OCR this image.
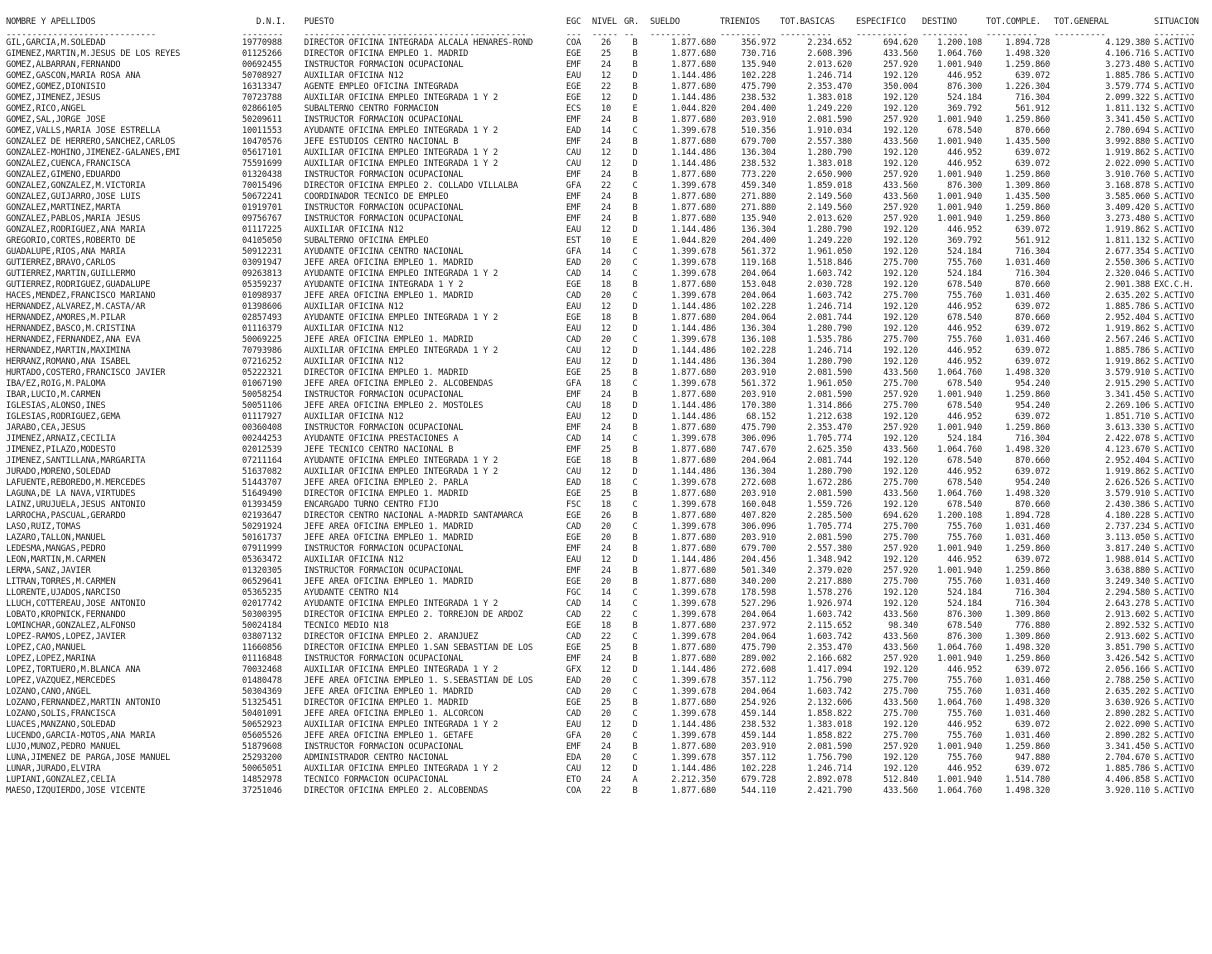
NOMBRE Y APELLIDOS	D.N.I.	PUESTO	EGC	NIVEL	GR.	SUELDO	TRIENIOS	TOT.BASICAS	ESPECIFICO	DESTINO	TOT.COMPLE.	TOT.GENERAL	SITUACION
-----------------------------	--------	-------------------------------------------	---	-----	--	--------	--------	----------	----------	---------	----------	----------	--------
GIL,GARCIA,M.SOLEDAD	19770988	DIRECTOR OFICINA INTEGRADA ALCALA HENARES-ROND	COA	26	B	1.877.680	356.972	2.234.652	694.620	1.200.108	1.894.728	4.129.380	S.ACTIVO
GIMENEZ,MARTIN,M.JESUS DE LOS REYES	01125266	DIRECTOR OFICINA EMPLEO 1. MADRID	EGE	25	B	1.877.680	730.716	2.608.396	433.560	1.064.760	1.498.320	4.106.716	S.ACTIVO
GOMEZ,ALBARRAN,FERNANDO	00692455	INSTRUCTOR FORMACION OCUPACIONAL	EMF	24	B	1.877.680	135.940	2.013.620	257.920	1.001.940	1.259.860	3.273.480	S.ACTIVO
GOMEZ,GASCON,MARIA ROSA ANA	50708927	AUXILIAR OFICINA N12	EAU	12	D	1.144.486	102.228	1.246.714	192.120	446.952	639.072	1.885.786	S.ACTIVO
GOMEZ,GOMEZ,DIONISIO	16313347	AGENTE EMPLEO OFICINA INTEGRADA	EGE	22	B	1.877.680	475.790	2.353.470	350.004	876.300	1.226.304	3.579.774	S.ACTIVO
GOMEZ,JIMENEZ,JESUS	70723788	AUXILIAR OFICINA EMPLEO INTEGRADA 1 Y 2	EGE	12	D	1.144.486	238.532	1.383.018	192.120	524.184	716.304	2.099.322	S.ACTIVO
GOMEZ,RICO,ANGEL	02866105	SUBALTERNO CENTRO FORMACION	ECS	10	E	1.044.820	204.400	1.249.220	192.120	369.792	561.912	1.811.132	S.ACTIVO
GOMEZ,SAL,JORGE JOSE	50209611	INSTRUCTOR FORMACION OCUPACIONAL	EMF	24	B	1.877.680	203.910	2.081.590	257.920	1.001.940	1.259.860	3.341.450	S.ACTIVO
GOMEZ,VALLS,MARIA JOSE ESTRELLA	10011553	AYUDANTE OFICINA EMPLEO INTEGRADA 1 Y 2	EAD	14	C	1.399.678	510.356	1.910.034	192.120	678.540	870.660	2.780.694	S.ACTIVO
GONZALEZ DE HERRERO,SANCHEZ,CARLOS	10470576	JEFE ESTUDIOS CENTRO NACIONAL B	EMF	24	B	1.877.680	679.700	2.557.380	433.560	1.001.940	1.435.500	3.992.880	S.ACTIVO
GONZALEZ-MOHINO,JIMENEZ-GALANES,EMI	05617101	AUXILIAR OFICINA EMPLEO INTEGRADA 1 Y 2	CAU	12	D	1.144.486	136.304	1.280.790	192.120	446.952	639.072	1.919.862	S.ACTIVO
GONZALEZ,CUENCA,FRANCISCA	75591699	AUXILIAR OFICINA EMPLEO INTEGRADA 1 Y 2	CAU	12	D	1.144.486	238.532	1.383.018	192.120	446.952	639.072	2.022.090	S.ACTIVO
GONZALEZ,GIMENO,EDUARDO	01320438	INSTRUCTOR FORMACION OCUPACIONAL	EMF	24	B	1.877.680	773.220	2.650.900	257.920	1.001.940	1.259.860	3.910.760	S.ACTIVO
GONZALEZ,GONZALEZ,M.VICTORIA	70015496	DIRECTOR OFICINA EMPLEO 2. COLLADO VILLALBA	GFA	22	C	1.399.678	459.340	1.859.018	433.560	876.300	1.309.860	3.168.878	S.ACTIVO
GONZALEZ,GUIJARRO,JOSE LUIS	50672241	COORDINADOR TECNICO DE EMPLEO	EMF	24	B	1.877.680	271.880	2.149.560	433.560	1.001.940	1.435.500	3.585.060	S.ACTIVO
GONZALEZ,MARTINEZ,MARTA	01919701	INSTRUCTOR FORMACION OCUPACIONAL	EMF	24	B	1.877.680	271.880	2.149.560	257.920	1.001.940	1.259.860	3.409.420	S.ACTIVO
GONZALEZ,PABLOS,MARIA JESUS	09756767	INSTRUCTOR FORMACION OCUPACIONAL	EMF	24	B	1.877.680	135.940	2.013.620	257.920	1.001.940	1.259.860	3.273.480	S.ACTIVO
GONZALEZ,RODRIGUEZ,ANA MARIA	01117225	AUXILIAR OFICINA N12	EAU	12	D	1.144.486	136.304	1.280.790	192.120	446.952	639.072	1.919.862	S.ACTIVO
GREGORIO,CORTES,ROBERTO DE	04105050	SUBALTERNO OFICINA EMPLEO	EST	10	E	1.044.820	204.400	1.249.220	192.120	369.792	561.912	1.811.132	S.ACTIVO
GUADALUPE,RIOS,ANA MARIA	50912231	AYUDANTE OFICINA CENTRO NACIONAL	GFA	14	C	1.399.678	561.372	1.961.050	192.120	524.184	716.304	2.677.354	S.ACTIVO
GUTIERREZ,BRAVO,CARLOS	03091947	JEFE AREA OFICINA EMPLEO 1. MADRID	EAD	20	C	1.399.678	119.168	1.518.846	275.700	755.760	1.031.460	2.550.306	S.ACTIVO
GUTIERREZ,MARTIN,GUILLERMO	09263813	AYUDANTE OFICINA EMPLEO INTEGRADA 1 Y 2	CAD	14	C	1.399.678	204.064	1.603.742	192.120	524.184	716.304	2.320.046	S.ACTIVO
GUTIERREZ,RODRIGUEZ,GUADALUPE	05359237	AYUDANTE OFICINA INTEGRADA 1 Y 2	EGE	18	B	1.877.680	153.048	2.030.728	192.120	678.540	870.660	2.901.388	EXC.C.H.
HACES,MENDEZ,FRANCISCO MARIANO	01098937	JEFE AREA OFICINA EMPLEO 1. MADRID	CAD	20	C	1.399.678	204.064	1.603.742	275.700	755.760	1.031.460	2.635.202	S.ACTIVO
HERNANDEZ,ALVAREZ,M.CASTA/AR	01398606	AUXILIAR OFICINA N12	EAU	12	D	1.144.486	102.228	1.246.714	192.120	446.952	639.072	1.885.786	S.ACTIVO
HERNANDEZ,AMORES,M.PILAR	02857493	AYUDANTE OFICINA EMPLEO INTEGRADA 1 Y 2	EGE	18	B	1.877.680	204.064	2.081.744	192.120	678.540	870.660	2.952.404	S.ACTIVO
HERNANDEZ,BASCO,M.CRISTINA	01116379	AUXILIAR OFICINA N12	EAU	12	D	1.144.486	136.304	1.280.790	192.120	446.952	639.072	1.919.862	S.ACTIVO
HERNANDEZ,FERNANDEZ,ANA EVA	50069225	JEFE AREA OFICINA EMPLEO 1. MADRID	CAD	20	C	1.399.678	136.108	1.535.786	275.700	755.760	1.031.460	2.567.246	S.ACTIVO
HERNANDEZ,MARTIN,MAXIMINA	70793986	AUXILIAR OFICINA EMPLEO INTEGRADA 1 Y 2	CAU	12	D	1.144.486	102.228	1.246.714	192.120	446.952	639.072	1.885.786	S.ACTIVO
HERRANZ,ROMANO,ANA ISABEL	07216252	AUXILIAR OFICINA N12	EAU	12	D	1.144.486	136.304	1.280.790	192.120	446.952	639.072	1.919.862	S.ACTIVO
HURTADO,COSTERO,FRANCISCO JAVIER	05222321	DIRECTOR OFICINA EMPLEO 1. MADRID	EGE	25	B	1.877.680	203.910	2.081.590	433.560	1.064.760	1.498.320	3.579.910	S.ACTIVO
IBA/EZ,ROIG,M.PALOMA	01067190	JEFE AREA OFICINA EMPLEO 2. ALCOBENDAS	GFA	18	C	1.399.678	561.372	1.961.050	275.700	678.540	954.240	2.915.290	S.ACTIVO
IBAR,LUCIO,M.CARMEN	50058254	INSTRUCTOR FORMACION OCUPACIONAL	EMF	24	B	1.877.680	203.910	2.081.590	257.920	1.001.940	1.259.860	3.341.450	S.ACTIVO
IGLESIAS,ALONSO,INES	50051106	JEFE AREA OFICINA EMPLEO 2. MOSTOLES	CAU	18	D	1.144.486	170.380	1.314.866	275.700	678.540	954.240	2.269.106	S.ACTIVO
IGLESIAS,RODRIGUEZ,GEMA	01117927	AUXILIAR OFICINA N12	EAU	12	D	1.144.486	68.152	1.212.638	192.120	446.952	639.072	1.851.710	S.ACTIVO
JARABO,CEA,JESUS	00360408	INSTRUCTOR FORMACION OCUPACIONAL	EMF	24	B	1.877.680	475.790	2.353.470	257.920	1.001.940	1.259.860	3.613.330	S.ACTIVO
JIMENEZ,ARNAIZ,CECILIA	00244253	AYUDANTE OFICINA PRESTACIONES A	CAD	14	C	1.399.678	306.096	1.705.774	192.120	524.184	716.304	2.422.078	S.ACTIVO
JIMENEZ,PILAZO,MODESTO	02012539	JEFE TECNICO CENTRO NACIONAL B	EMF	25	B	1.877.680	747.670	2.625.350	433.560	1.064.760	1.498.320	4.123.670	S.ACTIVO
JIMENEZ,SANTILLANA,MARGARITA	07211164	AYUDANTE OFICINA EMPLEO INTEGRADA 1 Y 2	EGE	18	B	1.877.680	204.064	2.081.744	192.120	678.540	870.660	2.952.404	S.ACTIVO
JURADO,MORENO,SOLEDAD	51637082	AUXILIAR OFICINA EMPLEO INTEGRADA 1 Y 2	CAU	12	D	1.144.486	136.304	1.280.790	192.120	446.952	639.072	1.919.862	S.ACTIVO
LAFUENTE,REBOREDO,M.MERCEDES	51443707	JEFE AREA OFICINA EMPLEO 2. PARLA	EAD	18	C	1.399.678	272.608	1.672.286	275.700	678.540	954.240	2.626.526	S.ACTIVO
LAGUNA,DE LA NAVA,VIRTUDES	51649490	DIRECTOR OFICINA EMPLEO 1. MADRID	EGE	25	B	1.877.680	203.910	2.081.590	433.560	1.064.760	1.498.320	3.579.910	S.ACTIVO
LAINZ,URUJUELA,JESUS ANTONIO	01393459	ENCARGADO TURNO CENTRO FIJO	FSC	18	C	1.399.678	160.048	1.559.726	192.120	678.540	870.660	2.430.386	S.ACTIVO
LARROCHA,PASCUAL,GERARDO	02193647	DIRECTOR CENTRO NACIONAL A-MADRID SANTAMARCA	EGE	26	B	1.877.680	407.820	2.285.500	694.620	1.200.108	1.894.728	4.180.228	S.ACTIVO
LASO,RUIZ,TOMAS	50291924	JEFE AREA OFICINA EMPLEO 1. MADRID	CAD	20	C	1.399.678	306.096	1.705.774	275.700	755.760	1.031.460	2.737.234	S.ACTIVO
LAZARO,TALLON,MANUEL	50161737	JEFE AREA OFICINA EMPLEO 1. MADRID	EGE	20	B	1.877.680	203.910	2.081.590	275.700	755.760	1.031.460	3.113.050	S.ACTIVO
LEDESMA,MANGAS,PEDRO	07911999	INSTRUCTOR FORMACION OCUPACIONAL	EMF	24	B	1.877.680	679.700	2.557.380	257.920	1.001.940	1.259.860	3.817.240	S.ACTIVO
LEON,MARTIN,M.CARMEN	05363472	AUXILIAR OFICINA N12	EAU	12	D	1.144.486	204.456	1.348.942	192.120	446.952	639.072	1.988.014	S.ACTIVO
LERMA,SANZ,JAVIER	01320305	INSTRUCTOR FORMACION OCUPACIONAL	EMF	24	B	1.877.680	501.340	2.379.020	257.920	1.001.940	1.259.860	3.638.880	S.ACTIVO
LITRAN,TORRES,M.CARMEN	06529641	JEFE AREA OFICINA EMPLEO 1. MADRID	EGE	20	B	1.877.680	340.200	2.217.880	275.700	755.760	1.031.460	3.249.340	S.ACTIVO
LLORENTE,UJADOS,NARCISO	05365235	AYUDANTE CENTRO N14	FGC	14	C	1.399.678	178.598	1.578.276	192.120	524.184	716.304	2.294.580	S.ACTIVO
LLUCH,COTTEREAU,JOSE ANTONIO	02017742	AYUDANTE OFICINA EMPLEO INTEGRADA 1 Y 2	CAD	14	C	1.399.678	527.296	1.926.974	192.120	524.184	716.304	2.643.278	S.ACTIVO
LOBATO,KROPNICK,FERNANDO	50300395	DIRECTOR OFICINA EMPLEO 2. TORREJON DE ARDOZ	CAD	22	C	1.399.678	204.064	1.603.742	433.560	876.300	1.309.860	2.913.602	S.ACTIVO
LOMINCHAR,GONZALEZ,ALFONSO	50024184	TECNICO MEDIO N18	EGE	18	B	1.877.680	237.972	2.115.652	98.340	678.540	776.880	2.892.532	S.ACTIVO
LOPEZ-RAMOS,LOPEZ,JAVIER	03807132	DIRECTOR OFICINA EMPLEO 2. ARANJUEZ	CAD	22	C	1.399.678	204.064	1.603.742	433.560	876.300	1.309.860	2.913.602	S.ACTIVO
LOPEZ,CAO,MANUEL	11660856	DIRECTOR OFICINA EMPLEO 1.SAN SEBASTIAN DE LOS	EGE	25	B	1.877.680	475.790	2.353.470	433.560	1.064.760	1.498.320	3.851.790	S.ACTIVO
LOPEZ,LOPEZ,MARINA	01116848	INSTRUCTOR FORMACION OCUPACIONAL	EMF	24	B	1.877.680	289.002	2.166.682	257.920	1.001.940	1.259.860	3.426.542	S.ACTIVO
LOPEZ,TORTUERO,M.BLANCA ANA	70032468	AUXILIAR OFICINA EMPLEO INTEGRADA 1 Y 2	GFX	12	D	1.144.486	272.608	1.417.094	192.120	446.952	639.072	2.056.166	S.ACTIVO
LOPEZ,VAZQUEZ,MERCEDES	01480478	JEFE AREA OFICINA EMPLEO 1. S.SEBASTIAN DE LOS	EAD	20	C	1.399.678	357.112	1.756.790	275.700	755.760	1.031.460	2.788.250	S.ACTIVO
LOZANO,CANO,ANGEL	50304369	JEFE AREA OFICINA EMPLEO 1. MADRID	CAD	20	C	1.399.678	204.064	1.603.742	275.700	755.760	1.031.460	2.635.202	S.ACTIVO
LOZANO,FERNANDEZ,MARTIN ANTONIO	51325451	DIRECTOR OFICINA EMPLEO 1. MADRID	EGE	25	B	1.877.680	254.926	2.132.606	433.560	1.064.760	1.498.320	3.630.926	S.ACTIVO
LOZANO,SOLIS,FRANCISCA	50401091	JEFE AREA OFICINA EMPLEO 1. ALCORCON	CAD	20	C	1.399.678	459.144	1.858.822	275.700	755.760	1.031.460	2.890.282	S.ACTIVO
LUACES,MANZANO,SOLEDAD	50652923	AUXILIAR OFICINA EMPLEO INTEGRADA 1 Y 2	EAU	12	D	1.144.486	238.532	1.383.018	192.120	446.952	639.072	2.022.090	S.ACTIVO
LUCENDO,GARCIA-MOTOS,ANA MARIA	05605526	JEFE AREA OFICINA EMPLEO 1. GETAFE	GFA	20	C	1.399.678	459.144	1.858.822	275.700	755.760	1.031.460	2.890.282	S.ACTIVO
LUJO,MUNOZ,PEDRO MANUEL	51879608	INSTRUCTOR FORMACION OCUPACIONAL	EMF	24	B	1.877.680	203.910	2.081.590	257.920	1.001.940	1.259.860	3.341.450	S.ACTIVO
LUNA,JIMENEZ DE PARGA,JOSE MANUEL	25293200	ADMINISTRADOR CENTRO NACIONAL	EDA	20	C	1.399.678	357.112	1.756.790	192.120	755.760	947.880	2.704.670	S.ACTIVO
LUNAR,JURADO,ELVIRA	50065051	AUXILIAR OFICINA EMPLEO INTEGRADA 1 Y 2	CAU	12	D	1.144.486	102.228	1.246.714	192.120	446.952	639.072	1.885.786	S.ACTIVO
LUPIANI,GONZALEZ,CELIA	14852978	TECNICO FORMACION OCUPACIONAL	ETO	24	A	2.212.350	679.728	2.892.078	512.840	1.001.940	1.514.780	4.406.858	S.ACTIVO
MAESO,IZQUIERDO,JOSE VICENTE	37251046	DIRECTOR OFICINA EMPLEO 2. ALCOBENDAS	COA	22	B	1.877.680	544.110	2.421.790	433.560	1.064.760	1.498.320	3.920.110	S.ACTIVO
